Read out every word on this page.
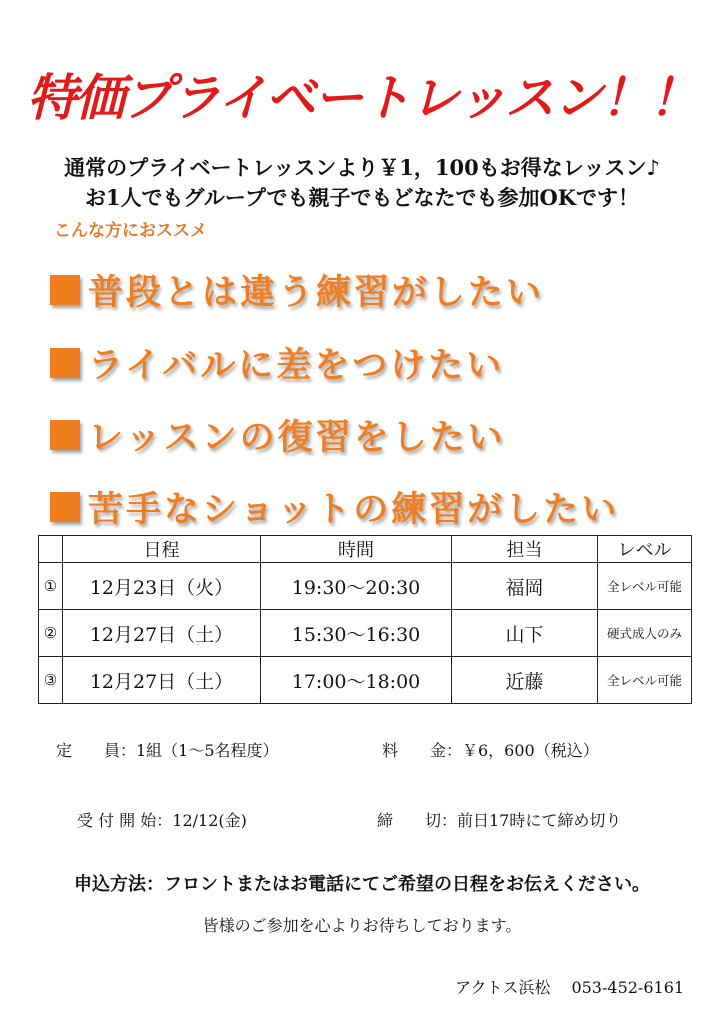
特価プライベートレッスン！！
通常のプライベートレッスンより￥1，100もお得なレッスン♪
お1人でもグループでも親子でもどなたでも参加OKです！
こんな方におススメ
普段とは違う練習がしたい
ライバルに差をつけたい
レッスンの復習をしたい
苦手なショットの練習がしたい
	日程	時間	担当	レベル
①	12月23日（火）	19:30～20:30	福岡	全レベル可能
②	12月27日（土）	15:30～16:30	山下	硬式成人のみ
③	12月27日（土）	17:00～18:00	近藤	全レベル可能
定　　員：1組（1～5名程度）	料　　金：￥6，600（税込）
受 付 開 始：12/12(金)	締　　切：前日17時にて締め切り
申込方法：フロントまたはお電話にてご希望の日程をお伝えください。
皆様のご参加を心よりお待ちしております。
アクトス浜松　 053-452-6161
